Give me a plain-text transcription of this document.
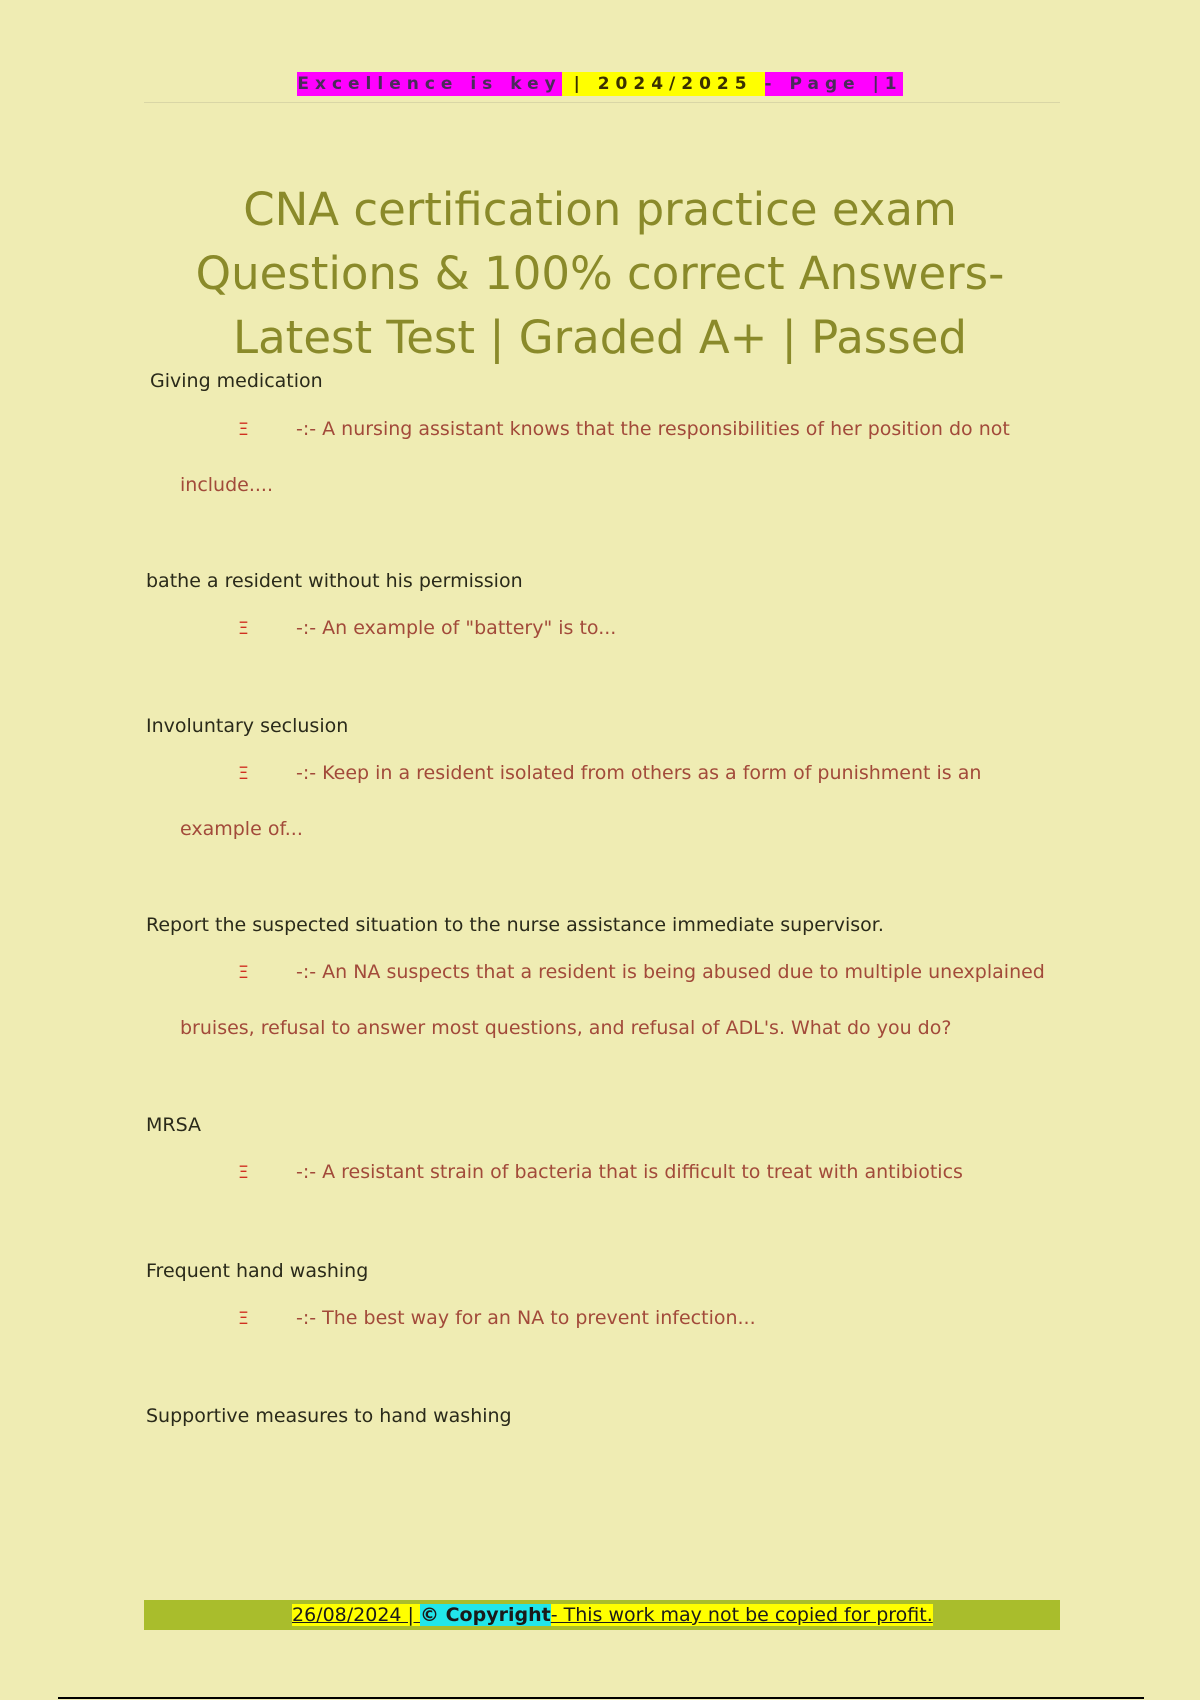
Excellence is key | 2024/2025 - Page |1
CNA certification practice exam
Questions & 100% correct Answers-
Latest Test | Graded A+ | Passed
Giving medication
Ξ -:- A nursing assistant knows that the responsibilities of her position do not include....
bathe a resident without his permission
Ξ -:- An example of "battery" is to...
Involuntary seclusion
Ξ -:- Keep in a resident isolated from others as a form of punishment is an example of...
Report the suspected situation to the nurse assistance immediate supervisor.
Ξ -:- An NA suspects that a resident is being abused due to multiple unexplained bruises, refusal to answer most questions, and refusal of ADL's. What do you do?
MRSA
Ξ -:- A resistant strain of bacteria that is difficult to treat with antibiotics
Frequent hand washing
Ξ -:- The best way for an NA to prevent infection...
Supportive measures to hand washing
26/08/2024 | © Copyright- This work may not be copied for profit.
